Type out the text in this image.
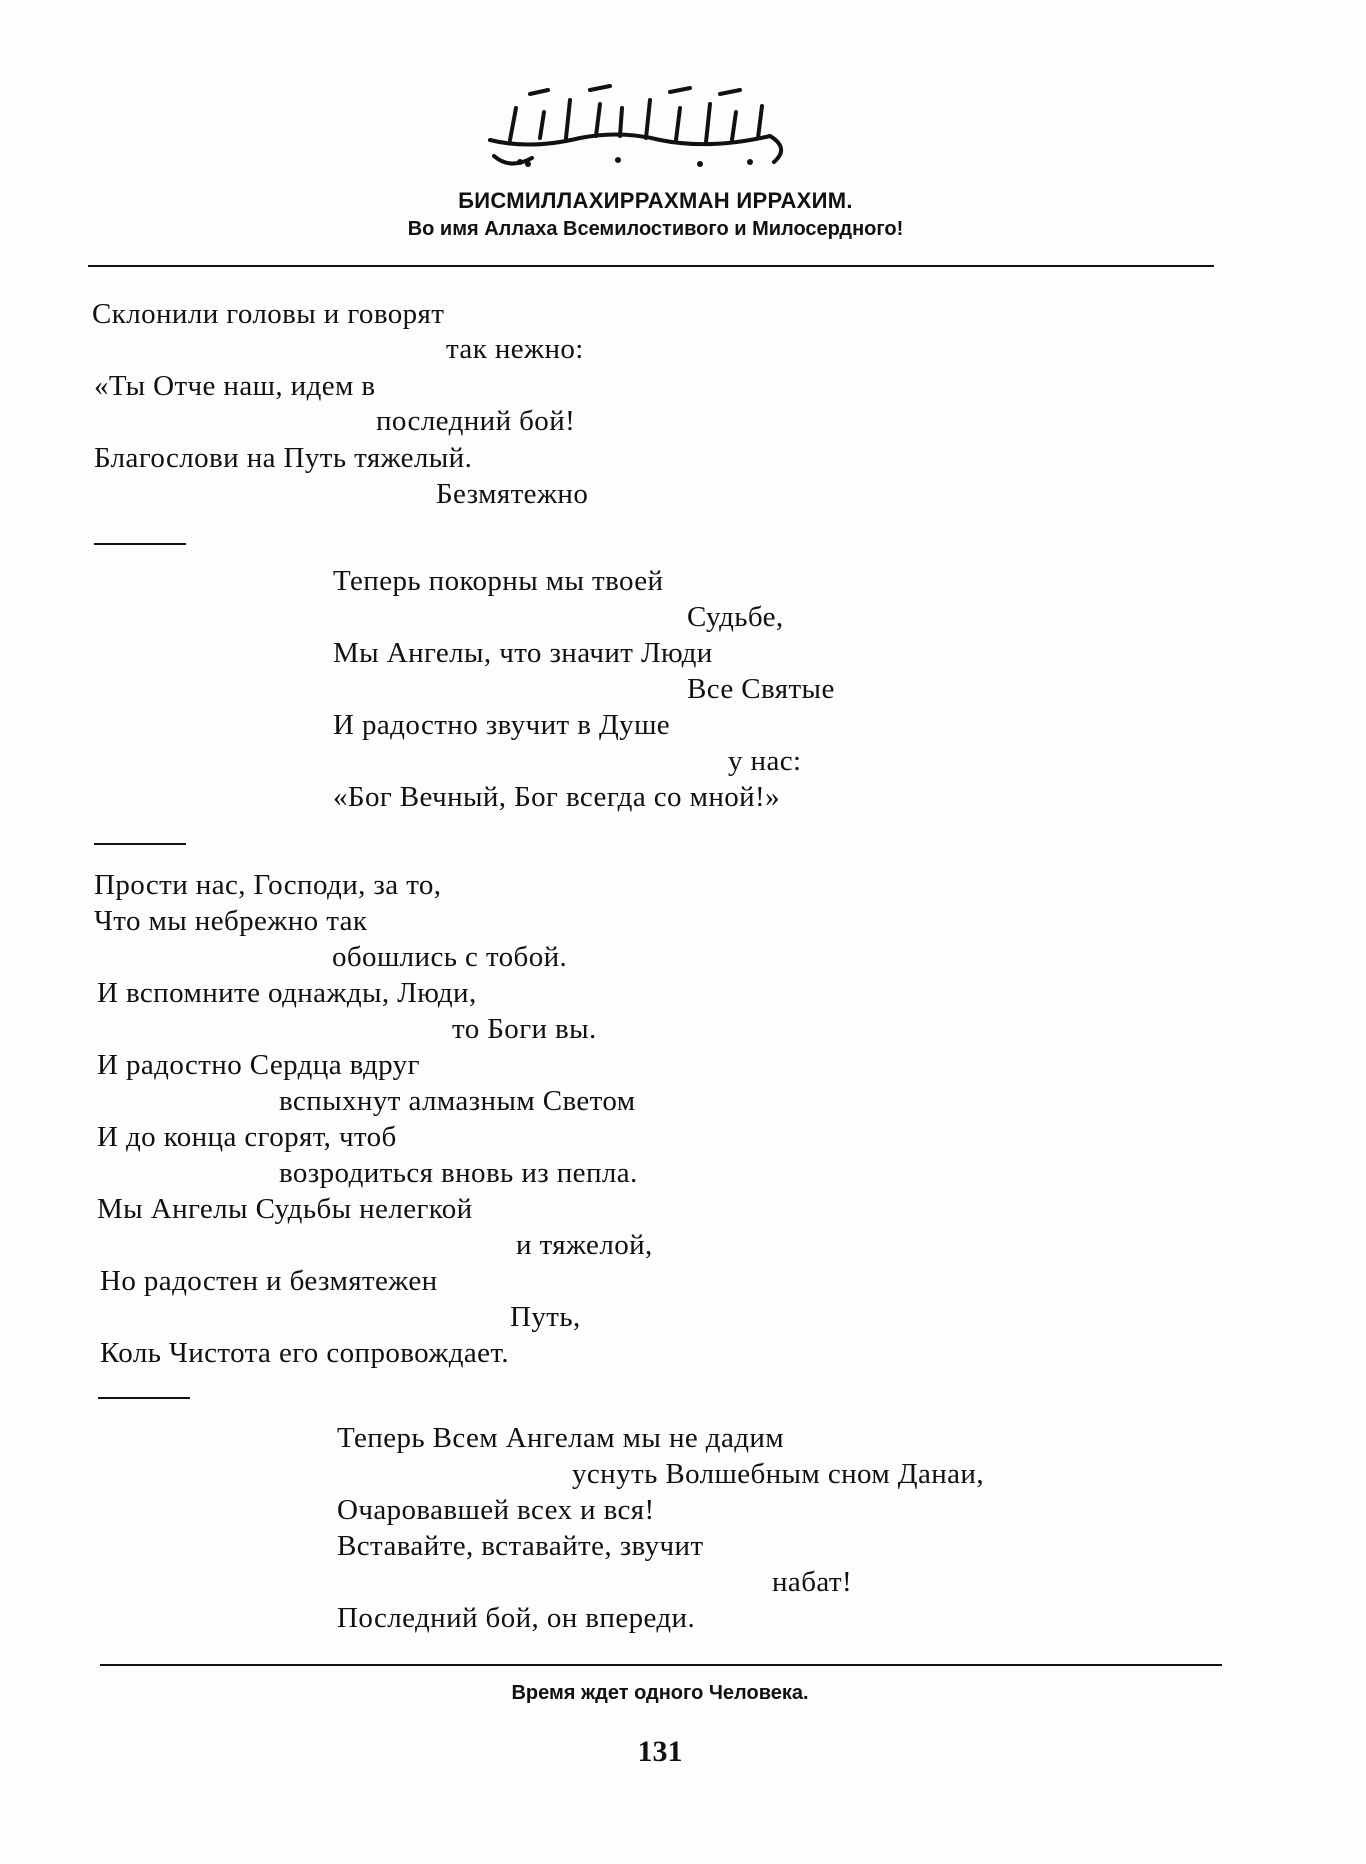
БИСМИЛЛАХИРРАХМАН ИРРАХИМ.
Во имя Аллаха Всемилостивого и Милосердного!
Склонили головы и говорят
так нежно:
«Ты Отче наш, идем в
последний бой!
Благослови на Путь тяжелый.
Безмятежно
Теперь покорны мы твоей
Судьбе,
Мы Ангелы, что значит Люди
Все Святые
И радостно звучит в Душе
у нас:
«Бог Вечный, Бог всегда со мной!»
Прости нас, Господи, за то,
Что мы небрежно так
обошлись с тобой.
И вспомните однажды, Люди,
то Боги вы.
И радостно Сердца вдруг
вспыхнут алмазным Светом
И до конца сгорят, чтоб
возродиться вновь из пепла.
Мы Ангелы Судьбы нелегкой
и тяжелой,
Но радостен и безмятежен
Путь,
Коль Чистота его сопровождает.
Теперь Всем Ангелам мы не дадим
уснуть Волшебным сном Данаи,
Очаровавшей всех и вся!
Вставайте, вставайте, звучит
набат!
Последний бой, он впереди.
Время ждет одного Человека.
131
